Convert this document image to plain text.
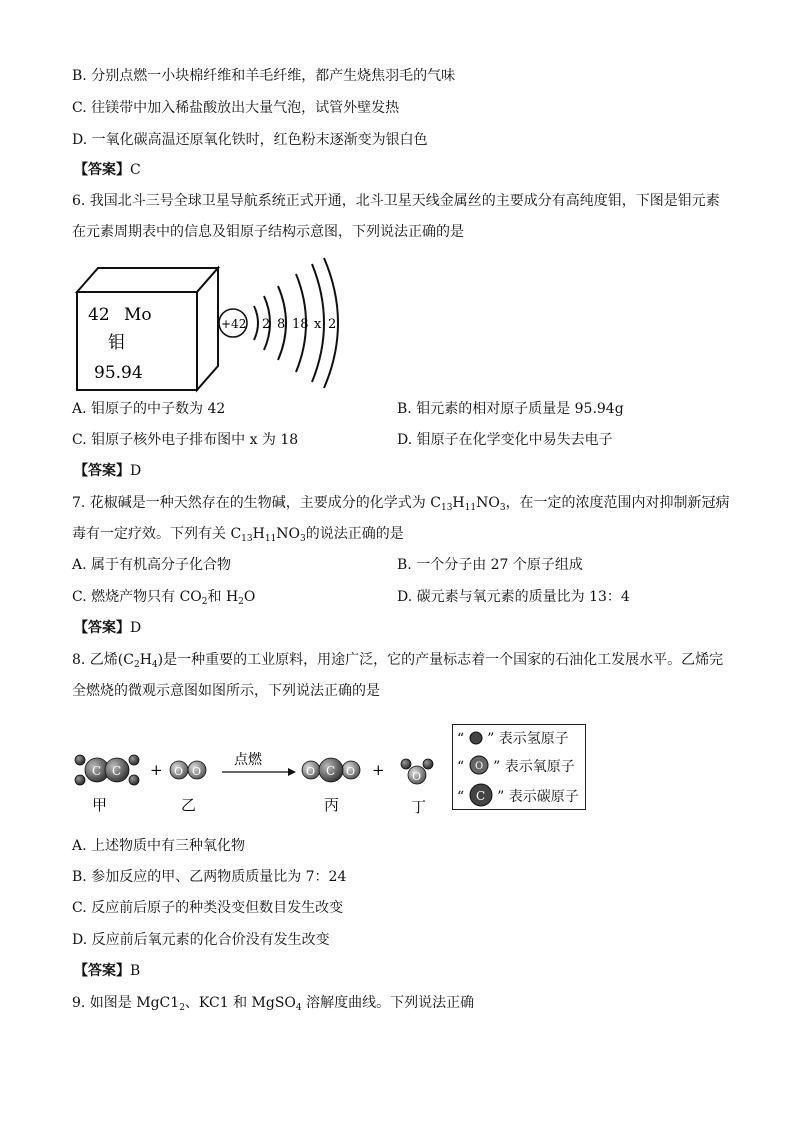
B. 分别点燃一小块棉纤维和羊毛纤维，都产生烧焦羽毛的气味
C. 往镁带中加入稀盐酸放出大量气泡，试管外壁发热
D. 一氧化碳高温还原氧化铁时，红色粉末逐渐变为银白色
【答案】C
6. 我国北斗三号全球卫星导航系统正式开通，北斗卫星天线金属丝的主要成分有高纯度钼，下图是钼元素
在元素周期表中的信息及钼原子结构示意图，下列说法正确的是
42 Mo
钼
95.94
+42 2 8 18 x 2
A. 钼原子的中子数为 42	B. 钼元素的相对原子质量是 95.94g
C. 钼原子核外电子排布图中 x 为 18	D. 钼原子在化学变化中易失去电子
【答案】D
7. 花椒碱是一种天然存在的生物碱，主要成分的化学式为 $C_{13}H_{11}NO_3$，在一定的浓度范围内对抑制新冠病
毒有一定疗效。下列有关 $C_{13}H_{11}NO_3$的说法正确的是
A. 属于有机高分子化合物	B. 一个分子由 27 个原子组成
C. 燃烧产物只有 $CO_2$和 $H_2O$	D. 碳元素与氧元素的质量比为 13：4
【答案】D
8. 乙烯$(C_2H_4)$是一种重要的工业原料，用途广泛，它的产量标志着一个国家的石油化工发展水平。乙烯完
全燃烧的微观示意图如图所示，下列说法正确的是
C C + O O
点燃
O C O + O
甲	乙	丙	丁
“ ” 表示氢原子
“ O ” 表示氧原子
“ C ” 表示碳原子
A. 上述物质中有三种氧化物
B. 参加反应的甲、乙两物质质量比为 7：24
C. 反应前后原子的种类没变但数目发生改变
D. 反应前后氧元素的化合价没有发生改变
【答案】B
9. 如图是 $MgC1_2$、KC1 和 MgSO$_4$ 溶解度曲线。下列说法正确
